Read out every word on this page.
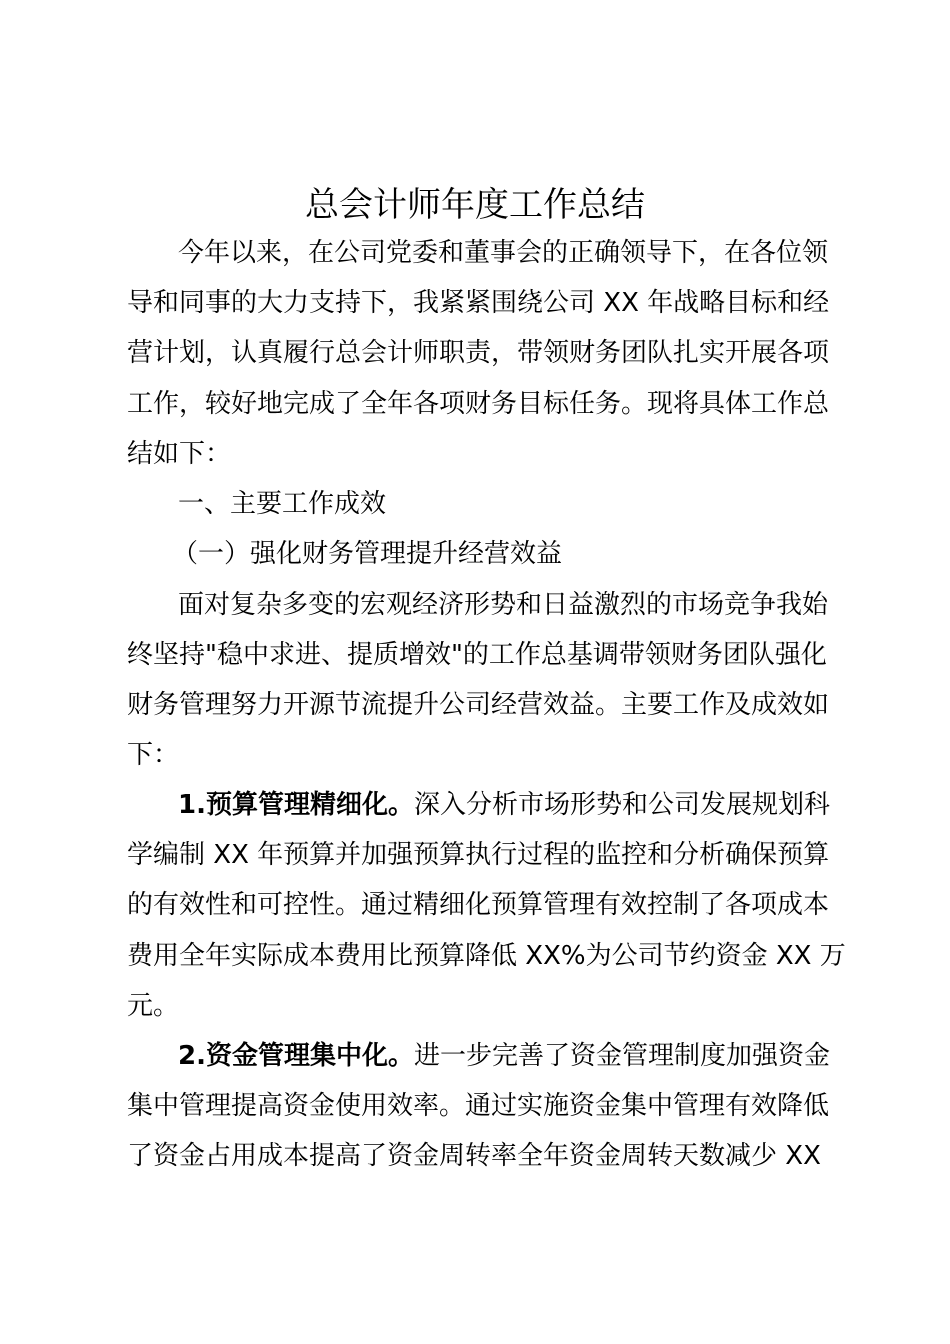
总会计师年度工作总结
今年以来，在公司党委和董事会的正确领导下，在各位领
导和同事的大力支持下，我紧紧围绕公司 XX 年战略目标和经
营计划，认真履行总会计师职责，带领财务团队扎实开展各项
工作，较好地完成了全年各项财务目标任务。现将具体工作总
结如下：
一、主要工作成效
（一）强化财务管理提升经营效益
面对复杂多变的宏观经济形势和日益激烈的市场竞争我始
终坚持"稳中求进、提质增效"的工作总基调带领财务团队强化
财务管理努力开源节流提升公司经营效益。主要工作及成效如
下：
1.预算管理精细化。深入分析市场形势和公司发展规划科
学编制 XX 年预算并加强预算执行过程的监控和分析确保预算
的有效性和可控性。通过精细化预算管理有效控制了各项成本
费用全年实际成本费用比预算降低 XX%为公司节约资金 XX 万
元。
2.资金管理集中化。进一步完善了资金管理制度加强资金
集中管理提高资金使用效率。通过实施资金集中管理有效降低
了资金占用成本提高了资金周转率全年资金周转天数减少 XX
